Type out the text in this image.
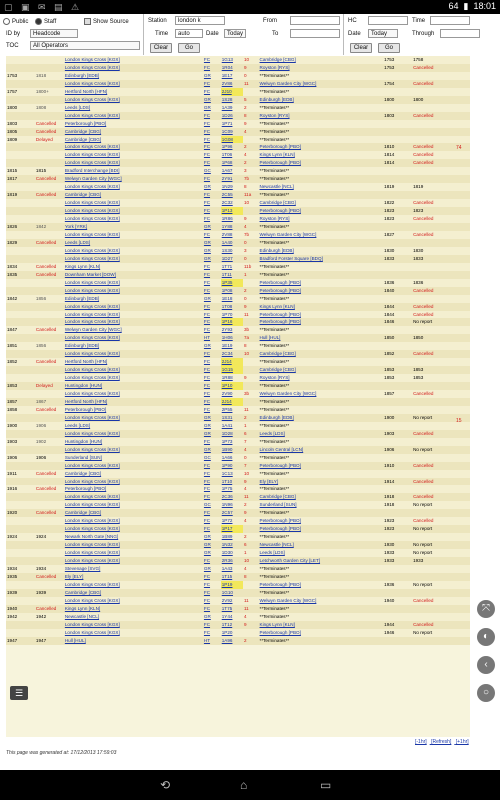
▢ ▣ ✉ ▤ ⚠	64 ▮ 18:01
Public	Staff	Show Source
ID by	Headcode
TOC	All Operators
Station	london k
Time	auto	Date	Today
Clear	Go
From
To
HC	Time
Date	Today	Through
Clear	Go
		London Kings Cross [KGX]	FC	1G13	10	Cambridge [CBG]	1753	1758	
		London Kings Cross [KGX]	FC	1R04	9	Royston [RYS]	1753	Cancelled	
1753	1818	Edinburgh [EDB]	GR	1E17	0	**Terminates**			
		London Kings Cross [KGX]	FC	2V86	11	Welwyn Garden City [WGC]	1754	Cancelled	
1757	1800+	Hertford North [HFN]	FC	2J10		**Terminates**			
		London Kings Cross [KGX]	GR	1S28	5	Edinburgh [EDB]	1800	1800	
1800	1808	Leeds [LDS]	GR	1A39	2	**Terminates**			
		London Kings Cross [KGX]	FC	1D26	8	Royston [RYS]	1803	Cancelled	
1803	Cancelled	Peterborough [PBO]	FC	1P71	9	**Terminates**			
1805	Cancelled	Cambridge [CBG]	FC	1C09	4	**Terminates**			
1809	Delayed	Cambridge [CBG]	FC	1G08		**Terminates**			
		London Kings Cross [KGX]	FC	1P96	2	Peterborough [PBO]	1810	Cancelled	
		London Kings Cross [KGX]	FC	1T06	4	Kings Lynn [KLN]	1814	Cancelled	
		London Kings Cross [KGX]	FC	1P68	2	Peterborough [PBO]	1814	Cancelled	
1815	1815	Bradford Interchange [BDI]	GC	1A67	3	**Terminates**			
1817	Cancelled	Welwyn Garden City [WGC]	FC	2Y91	7b	**Terminates**			
		London Kings Cross [KGX]	GR	1N29	8	Newcastle [NCL]	1819	1819	
1819	Cancelled	Cambridge [CBG]	FC	2C55	11a	**Terminates**			
		London Kings Cross [KGX]	FC	2C32	10	Cambridge [CBG]	1822	Cancelled	
		London Kings Cross [KGX]	FC	1P13		Peterborough [PBO]	1823	1823	
		London Kings Cross [KGX]	FC	1R86	9	Royston [RYS]	1823	Cancelled	
1826	1842	York [YRK]	GR	1Y88	4	**Terminates**			
		London Kings Cross [KGX]	FC	2V88	7b	Welwyn Garden City [WGC]	1827	Cancelled	
1829	Cancelled	Leeds [LDS]	GR	1A40	0	**Terminates**			
		London Kings Cross [KGX]	GR	1S30	3	Edinburgh [EDB]	1830	1830	
		London Kings Cross [KGX]	GR	1D27	0	Bradford Forster Square [BDQ]	1833	1833	
1834	Cancelled	Kings Lynn [KLN]	FC	1T71	11b	**Terminates**			
1835	Cancelled	Downham Market [DOW]	FC	1T11	1	**Terminates**			
		London Kings Cross [KGX]	FC	1P35		Peterborough [PBO]	1836	1836	
		London Kings Cross [KGX]	FC	1P08	2	Peterborough [PBO]	1840	Cancelled	
1842	1856	Edinburgh [EDB]	GR	1E18	0	**Terminates**			
		London Kings Cross [KGX]	FC	1T08	9	Kings Lynn [KLN]	1844	Cancelled	
		London Kings Cross [KGX]	FC	1P70	11	Peterborough [PBO]	1844	Cancelled	
		London Kings Cross [KGX]	FC	1P16		Peterborough [PBO]	1846	No report	
1847	Cancelled	Welwyn Garden City [WGC]	FC	2Y93	3b	**Terminates**			
		London Kings Cross [KGX]	HT	1H06	7a	Hull [HUL]	1850	1850	
1851	1856	Edinburgh [EDB]	GR	1E19	8	**Terminates**			
		London Kings Cross [KGX]	FC	2C34	10	Cambridge [CBG]	1852	Cancelled	
1852	Cancelled	Hertford North [HFN]	FC	2J14		**Terminates**			
		London Kings Cross [KGX]	FC	1G15		Cambridge [CBG]	1853	1853	
		London Kings Cross [KGX]	FC	1R88	9	Royston [RYS]	1853	1853	
1853	Delayed	Huntingdon [HUN]	FC	1P10		**Terminates**			
		London Kings Cross [KGX]	FC	2V90	3b	Welwyn Garden City [WGC]	1857	Cancelled	
1857	1867	Hertford North [HFN]	FC	2J14		**Terminates**			
1858	Cancelled	Peterborough [PBO]	FC	2P55	11	**Terminates**			
		London Kings Cross [KGX]	GR	1S31	2	Edinburgh [EDB]	1900	No report	
1900	1906	Leeds [LDS]	GR	1A41	1	**Terminates**			
		London Kings Cross [KGX]	GR	1D28	6	Leeds [LDS]	1903	Cancelled	
1903	1902	Huntingdon [HUN]	FC	1P73	7	**Terminates**			
		London Kings Cross [KGX]	GR	1B90	4	Lincoln Central [LCN]	1906	No report	
1906	1906	Sunderland [SUN]	GC	1A66	0	**Terminates**			
		London Kings Cross [KGX]	FC	1P90	7	Peterborough [PBO]	1910	Cancelled	
1911	Cancelled	Cambridge [CBG]	FC	1C13	10	**Terminates**			
		London Kings Cross [KGX]	FC	1T10	9	Ely [ELY]	1914	Cancelled	
1916	Cancelled	Peterborough [PBO]	FC	1P75	4	**Terminates**			
		London Kings Cross [KGX]	FC	2C36	11	Cambridge [CBG]	1918	Cancelled	
		London Kings Cross [KGX]	GC	1N96	2	Sunderland [SUN]	1918	No report	
1920	Cancelled	Cambridge [CBG]	FC	2C57	9	**Terminates**			
		London Kings Cross [KGX]	FC	1P72	4	Peterborough [PBO]	1923	Cancelled	
		London Kings Cross [KGX]	FC	1P17		Peterborough [PBO]	1923	No report	
1924	1924	Newark North Gate [NNG]	GR	1B89	2	**Terminates**			
		London Kings Cross [KGX]	GR	1N32	6	Newcastle [NCL]	1930	No report	
		London Kings Cross [KGX]	GR	1D30	1	Leeds [LDS]	1933	No report	
		London Kings Cross [KGX]	FC	2R36	10	Letchworth Garden City [LET]	1933	1933	
1934	1934	Stevenage [SVG]	GR	1A43	4	**Terminates**			
1935	Cancelled	Ely [ELY]	FC	1T15	8	**Terminates**			
		London Kings Cross [KGX]	FC	1P19		Peterborough [PBO]	1936	No report	
1939	1939	Cambridge [CBG]	FC	1G10		**Terminates**			
		London Kings Cross [KGX]	FC	2V92	11	Welwyn Garden City [WGC]	1940	Cancelled	
1940	Cancelled	Kings Lynn [KLN]	FC	1T75	11	**Terminates**			
1942	1942	Newcastle [NCL]	GR	1Y44	4	**Terminates**			
		London Kings Cross [KGX]	FC	1T12	9	Kings Lynn [KLN]	1944	Cancelled	
		London Kings Cross [KGX]	FC	1P20		Peterborough [PBO]	1946	No report	
1947	1947	Hull [HUL]	HT	1A96	2	**Terminates**			
74
15
[-1hr] [Refresh] [+1hr]
This page was generated at: 17/12/2013 17:59:03
☰
⤧
◐
‹
○
⟲	⌂	▭
